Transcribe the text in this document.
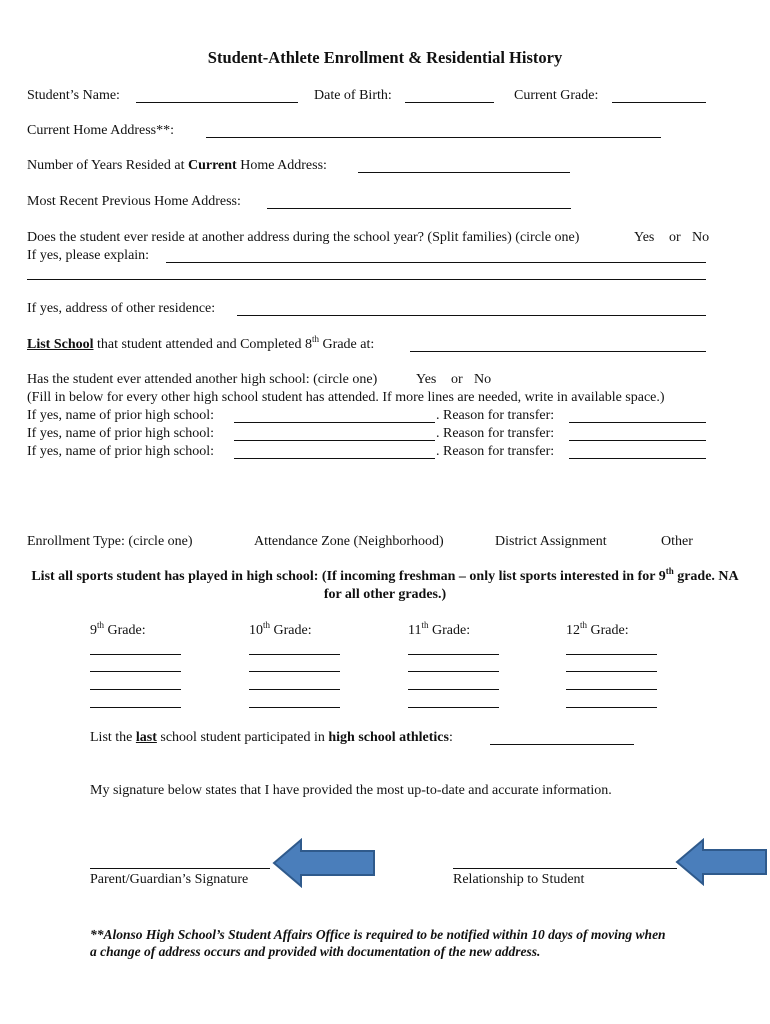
Student-Athlete Enrollment & Residential History
Student’s Name:	Date of Birth:	Current Grade:
Current Home Address**:
Number of Years Resided at Current Home Address:
Most Recent Previous Home Address:
Does the student ever reside at another address during the school year? (Split families) (circle one)	Yes or No
If yes, please explain:
If yes, address of other residence:
List School that student attended and Completed 8th Grade at:
Has the student ever attended another high school: (circle one)	Yes or No
(Fill in below for every other high school student has attended. If more lines are needed, write in available space.)
If yes, name of prior high school:	. Reason for transfer:
If yes, name of prior high school:	. Reason for transfer:
If yes, name of prior high school:	. Reason for transfer:
Enrollment Type: (circle one)	Attendance Zone (Neighborhood)	District Assignment	Other
List all sports student has played in high school: (If incoming freshman – only list sports interested in for 9th grade. NA for all other grades.)
9th Grade:	10th Grade:	11th Grade:	12th Grade:
List the last school student participated in high school athletics:
My signature below states that I have provided the most up-to-date and accurate information.
Parent/Guardian’s Signature	Relationship to Student
**Alonso High School’s Student Affairs Office is required to be notified within 10 days of moving when a change of address occurs and provided with documentation of the new address.
